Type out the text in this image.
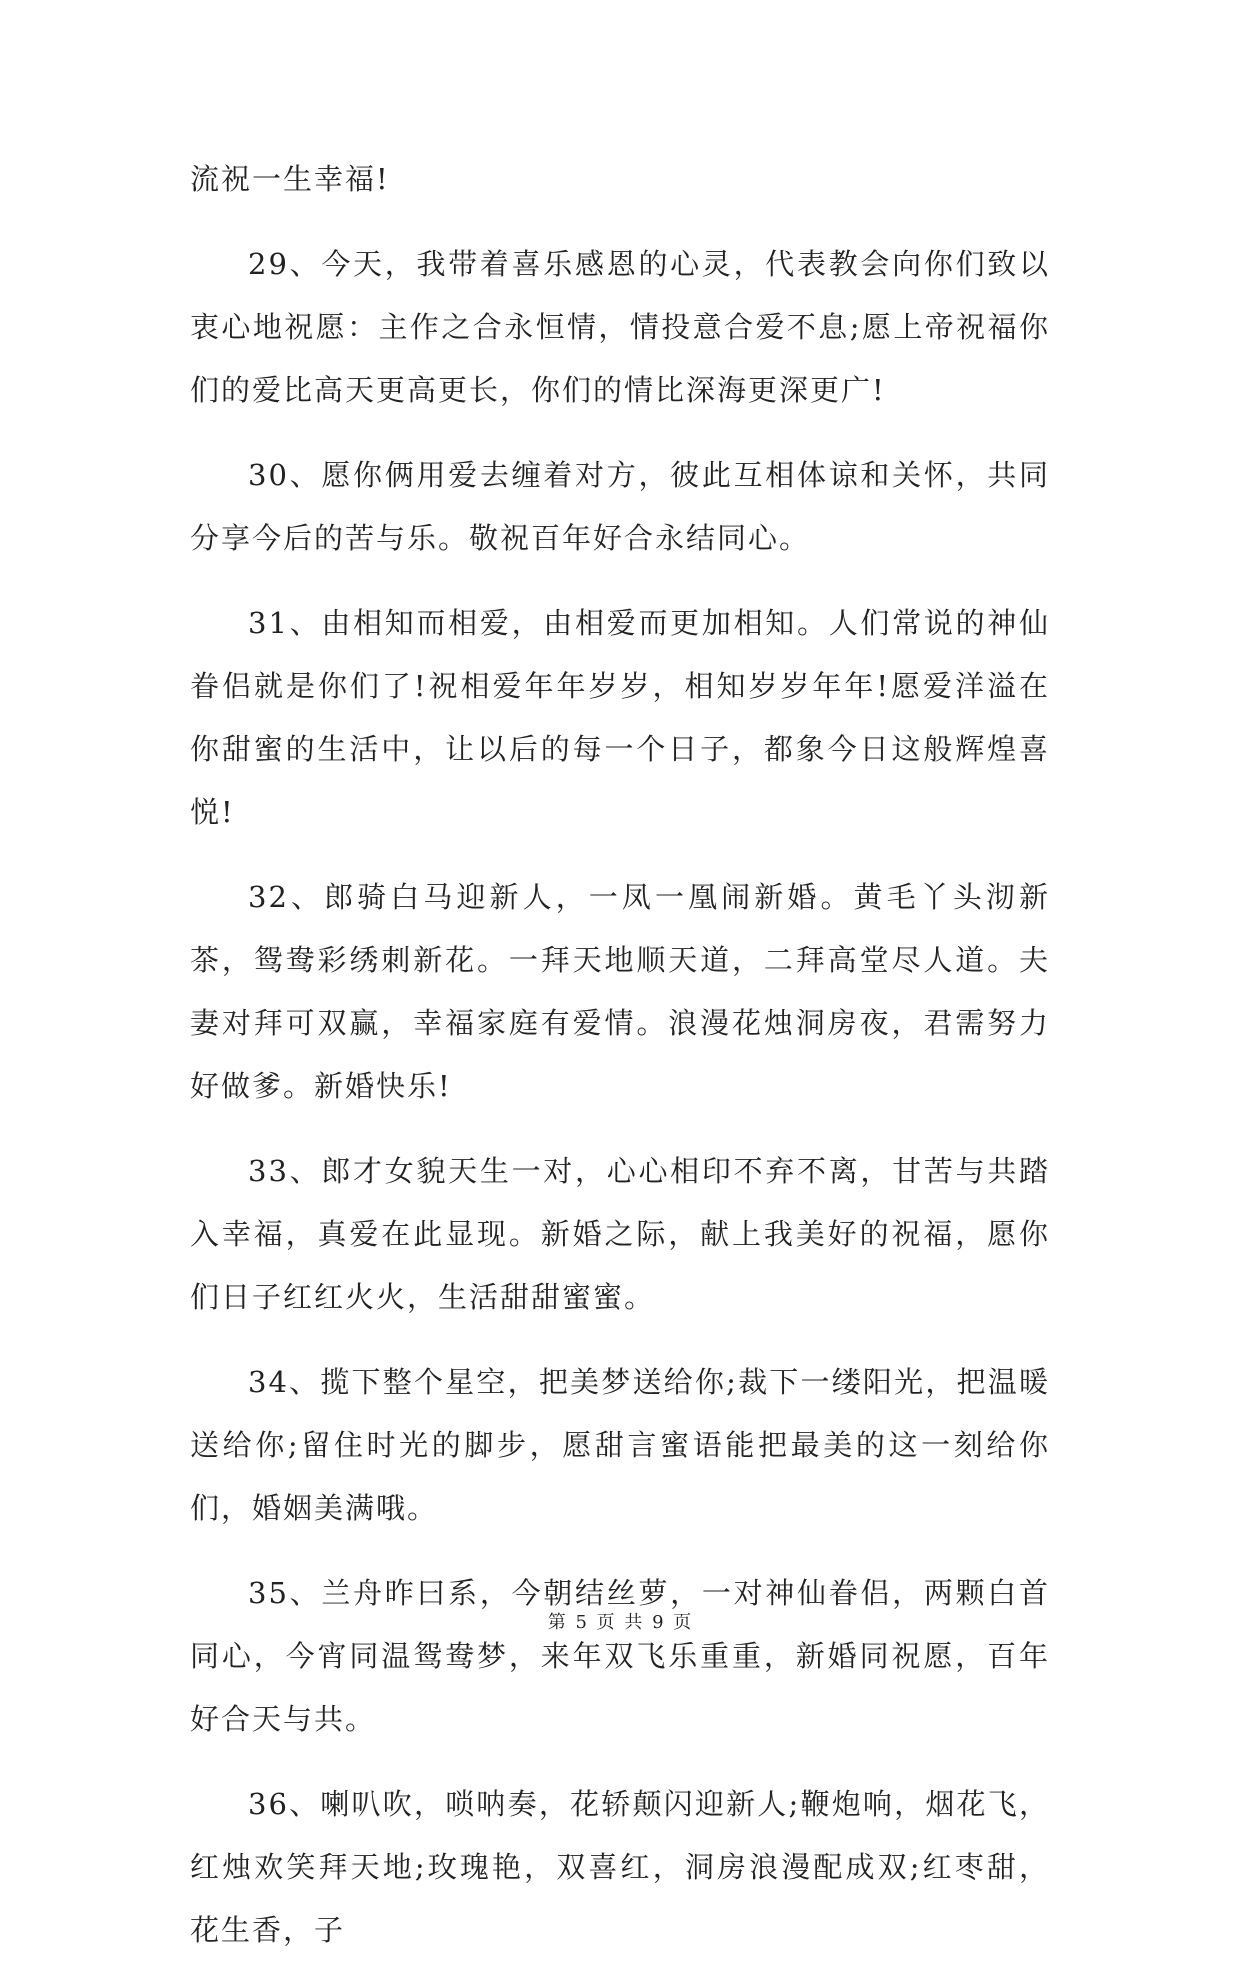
流祝一生幸福!

29、今天，我带着喜乐感恩的心灵，代表教会向你们致以衷心地祝愿：主作之合永恒情，情投意合爱不息;愿上帝祝福你们的爱比高天更高更长，你们的情比深海更深更广!

30、愿你俩用爱去缠着对方，彼此互相体谅和关怀，共同分享今后的苦与乐。敬祝百年好合永结同心。

31、由相知而相爱，由相爱而更加相知。人们常说的神仙眷侣就是你们了!祝相爱年年岁岁，相知岁岁年年!愿爱洋溢在你甜蜜的生活中，让以后的每一个日子，都象今日这般辉煌喜悦!

32、郎骑白马迎新人，一凤一凰闹新婚。黄毛丫头沏新茶，鸳鸯彩绣刺新花。一拜天地顺天道，二拜高堂尽人道。夫妻对拜可双赢，幸福家庭有爱情。浪漫花烛洞房夜，君需努力好做爹。新婚快乐!

33、郎才女貌天生一对，心心相印不弃不离，甘苦与共踏入幸福，真爱在此显现。新婚之际，献上我美好的祝福，愿你们日子红红火火，生活甜甜蜜蜜。

34、揽下整个星空，把美梦送给你;裁下一缕阳光，把温暖送给你;留住时光的脚步，愿甜言蜜语能把最美的这一刻给你们，婚姻美满哦。

35、兰舟昨曰系，今朝结丝萝，一对神仙眷侣，两颗白首同心，今宵同温鸳鸯梦，来年双飞乐重重，新婚同祝愿，百年好合天与共。

36、喇叭吹，唢呐奏，花轿颠闪迎新人;鞭炮响，烟花飞，红烛欢笑拜天地;玫瑰艳，双喜红，洞房浪漫配成双;红枣甜，花生香，子

第 5 页 共 9 页
